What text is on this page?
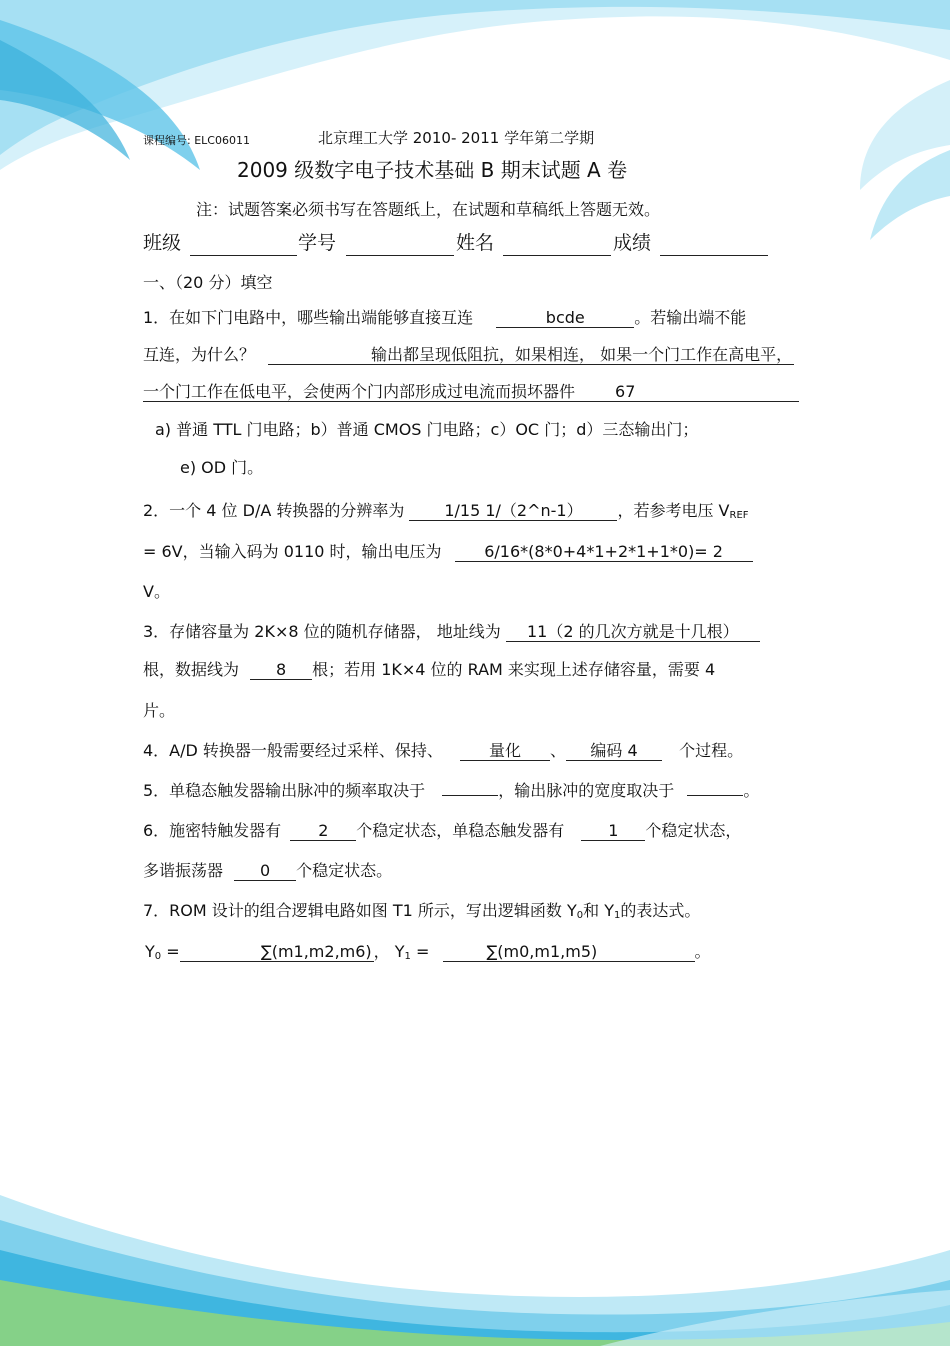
课程编号: ELC06011	北京理工大学 2010- 2011 学年第二学期
2009 级数字电子技术基础 B 期末试题 A 卷
注：试题答案必须书写在答题纸上，在试题和草稿纸上答题无效。
班级	学号	姓名	成绩
一、（20 分）填空
1．在如下门电路中，哪些输出端能够直接互连	bcde	。若输出端不能
互连，为什么？	输出都呈现低阻抗，如果相连， 如果一个门工作在高电平，
一个门工作在低电平，会使两个门内部形成过电流而损坏器件	67
a) 普通 TTL 门电路；b）普通 CMOS 门电路；c）OC 门；d）三态输出门；
e) OD 门。
2．一个 4 位 D/A 转换器的分辨率为 1/15 1/（2^n-1） ，若参考电压 $V_{REF}$
= 6V，当输入码为 0110 时，输出电压为	6/16*(8*0+4*1+2*1+1*0)= 2
V。
3．存储容量为 2K×8 位的随机存储器， 地址线为 11（2 的几次方就是十几根）
根，数据线为 8 根；若用 1K×4 位的 RAM 来实现上述存储容量，需要 4
片。
4．A/D 转换器一般需要经过采样、保持、	量化 、 编码 4	个过程。
5．单稳态触发器输出脉冲的频率取决于	，输出脉冲的宽度取决于	。
6．施密特触发器有 2 个稳定状态，单稳态触发器有	1 个稳定状态，
多谐振荡器 0 个稳定状态。
7．ROM 设计的组合逻辑电路如图 T1 所示，写出逻辑函数 $Y_0$和 $Y_1$的表达式。
$Y_0$ =	∑(m1,m2,m6) ， $Y_1$ =	∑(m0,m1,m5)	。
